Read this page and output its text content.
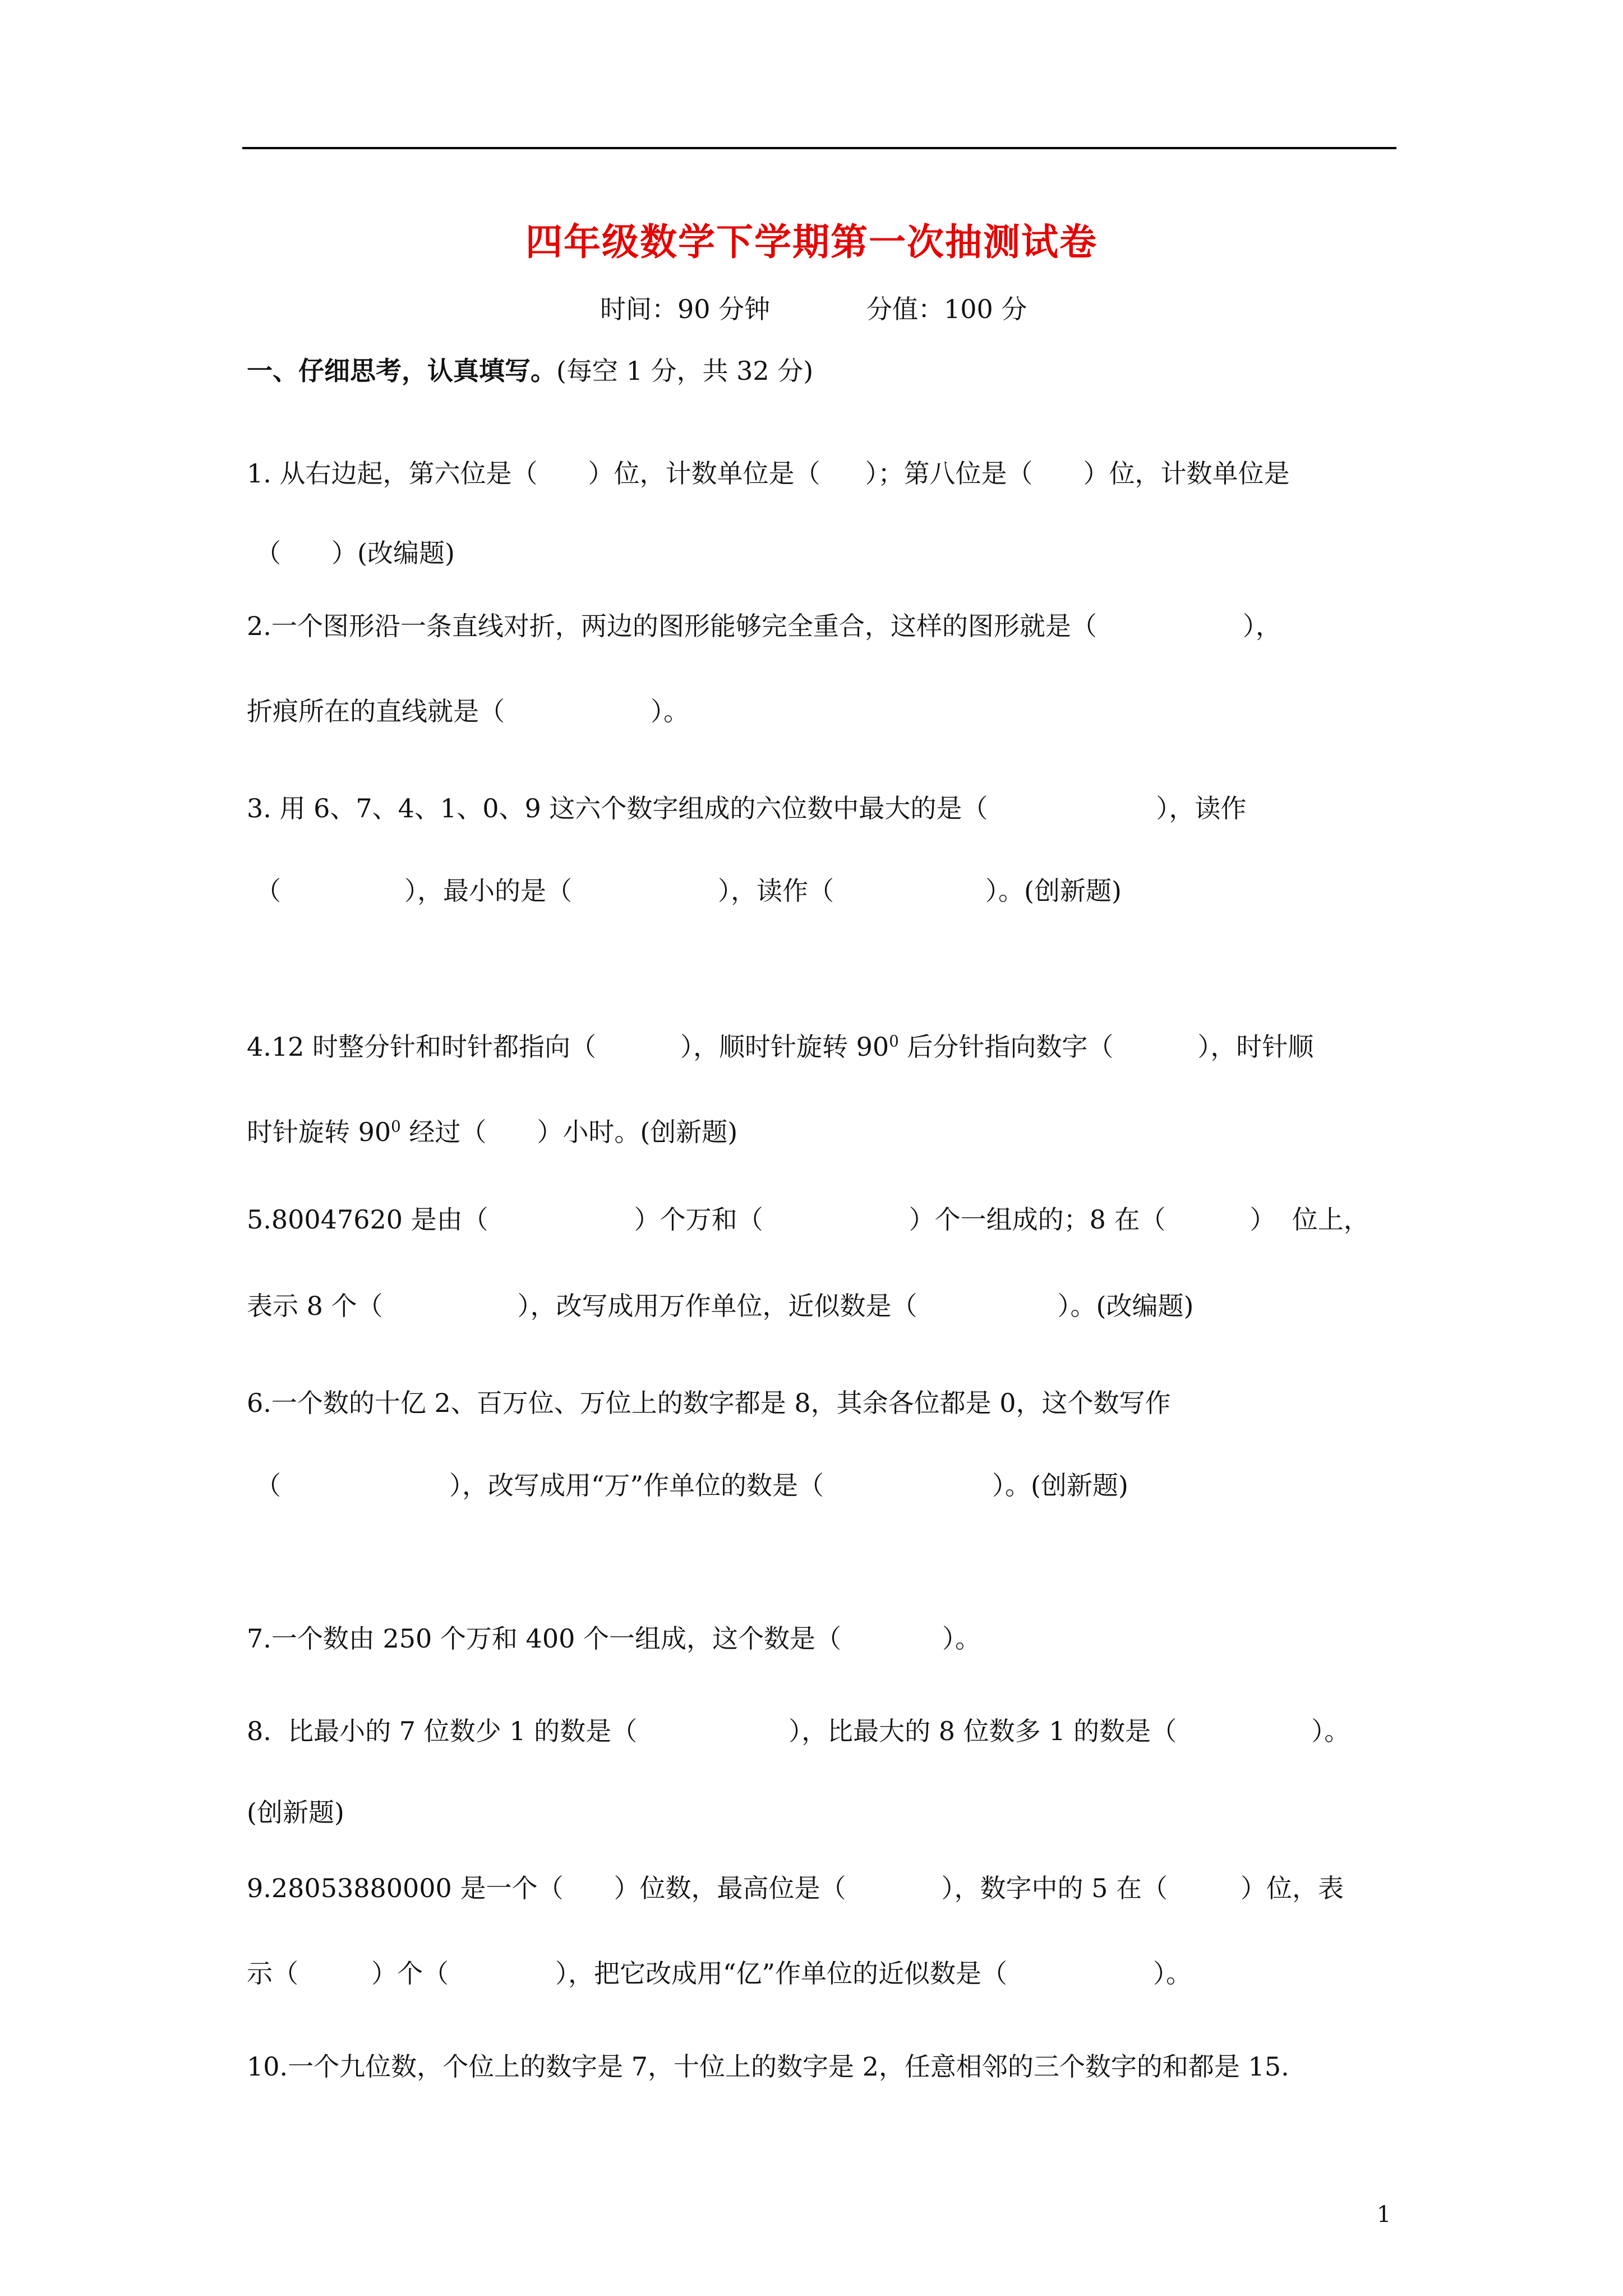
四年级数学下学期第一次抽测试卷
时间：90 分钟	分值：100 分
一、仔细思考，认真填写。(每空 1 分，共 32 分)
1. 从右边起，第六位是（ ）位，计数单位是（ ）；第八位是（ ）位，计数单位是
（ ）(改编题)
2.一个图形沿一条直线对折，两边的图形能够完全重合，这样的图形就是（	），
折痕所在的直线就是（	）。
3. 用 6、7、4、1、0、9 这六个数字组成的六位数中最大的是（	），读作
（	），最小的是（	），读作（	）。(创新题)
4.12 时整分针和时针都指向（	），顺时针旋转 $90^0$ 后分针指向数字（	），时针顺
时针旋转 $90^0$ 经过（ ）小时。(创新题)
5.80047620 是由（	）个万和（	）个一组成的；8 在（	）  位上，
表示 8 个（	），改写成用万作单位，近似数是（	）。(改编题)
6.一个数的十亿 2、百万位、万位上的数字都是 8，其余各位都是 0，这个数写作
（	），改写成用“万”作单位的数是（	）。(创新题)
7.一个数由 250 个万和 400 个一组成，这个数是（	）。
8.  比最小的 7 位数少 1 的数是（	），比最大的 8 位数多 1 的数是（	）。
(创新题)
9.28053880000 是一个（ ）位数，最高位是（	），数字中的 5 在（	）位，表
示（	）个（	），把它改成用“亿”作单位的近似数是（	）。
10.一个九位数，个位上的数字是 7，十位上的数字是 2，任意相邻的三个数字的和都是 15.
1
